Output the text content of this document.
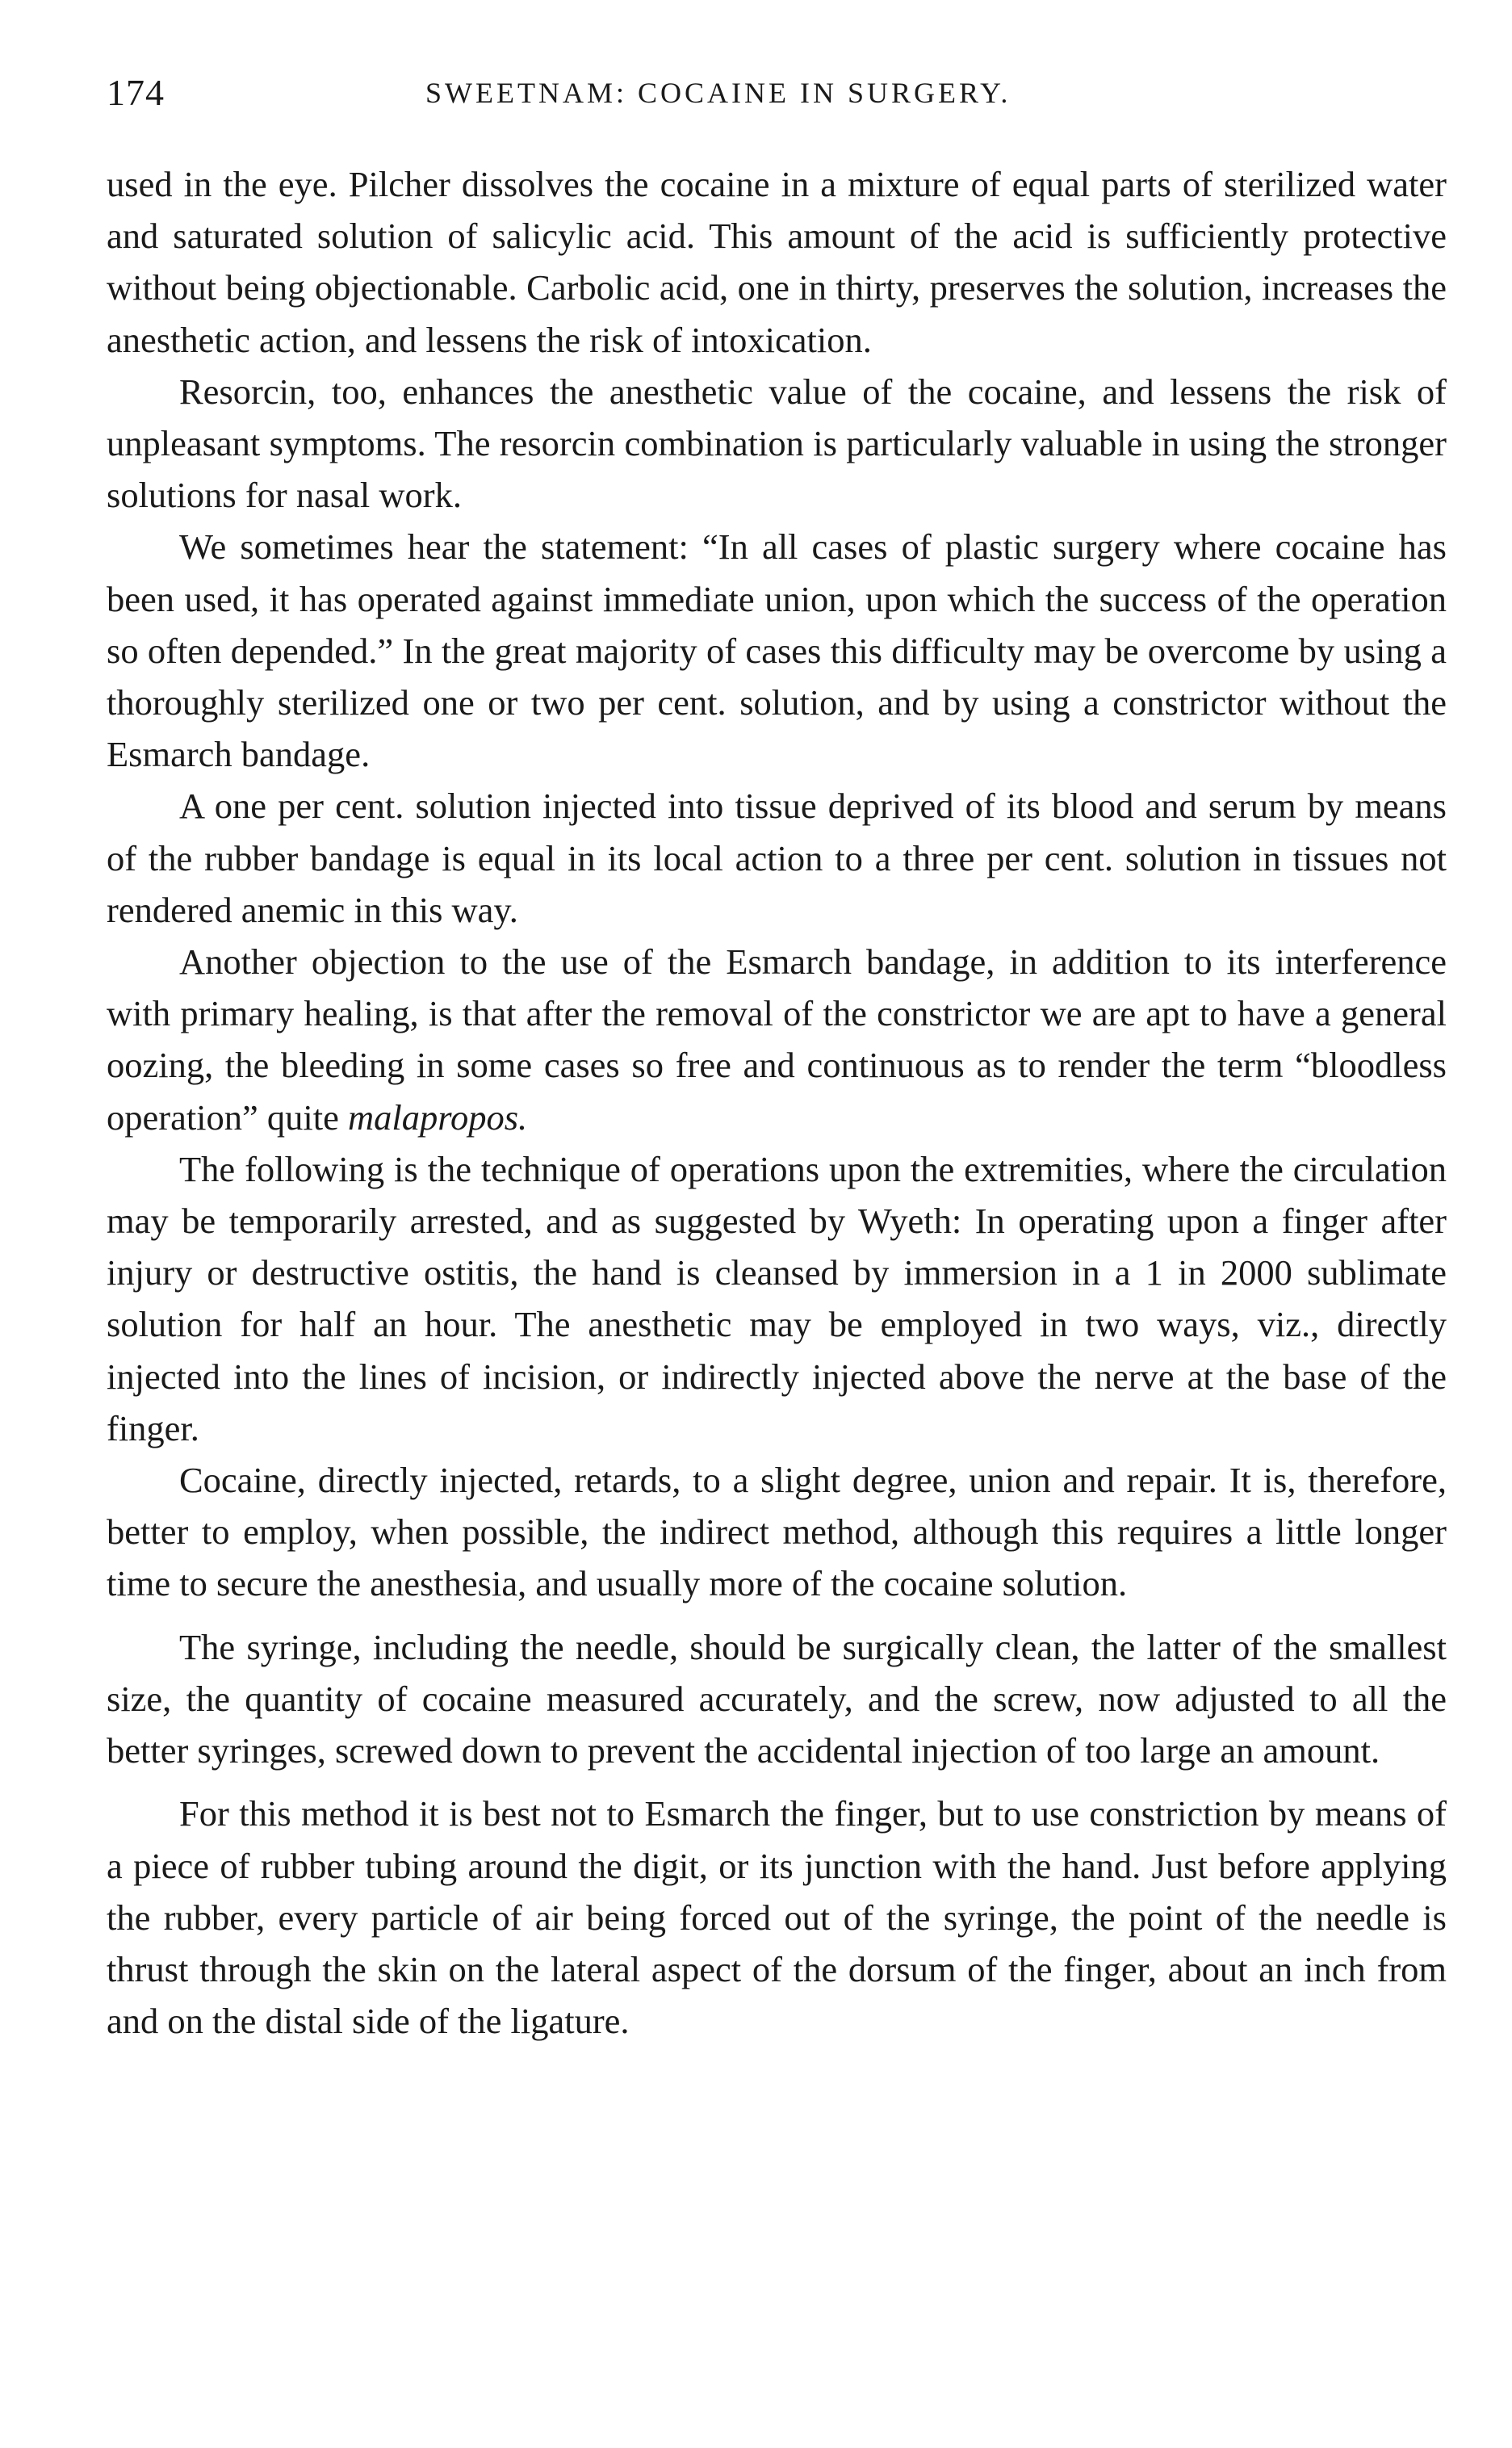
174	SWEETNAM: COCAINE IN SURGERY.

used in the eye. Pilcher dissolves the cocaine in a mixture of equal parts of sterilized water and saturated solution of salicylic acid. This amount of the acid is sufficiently protective without being objectionable. Carbolic acid, one in thirty, preserves the solution, increases the anesthetic action, and lessens the risk of intoxication.

Resorcin, too, enhances the anesthetic value of the cocaine, and lessens the risk of unpleasant symptoms. The resorcin combination is particularly valuable in using the stronger solutions for nasal work.

We sometimes hear the statement: “In all cases of plastic surgery where cocaine has been used, it has operated against immediate union, upon which the success of the operation so often depended.” In the great majority of cases this difficulty may be overcome by using a thoroughly sterilized one or two per cent. solution, and by using a constrictor without the Esmarch bandage.

A one per cent. solution injected into tissue deprived of its blood and serum by means of the rubber bandage is equal in its local action to a three per cent. solution in tissues not rendered anemic in this way.

Another objection to the use of the Esmarch bandage, in addition to its interference with primary healing, is that after the removal of the constrictor we are apt to have a general oozing, the bleeding in some cases so free and continuous as to render the term “bloodless operation” quite malapropos.

The following is the technique of operations upon the extremities, where the circulation may be temporarily arrested, and as suggested by Wyeth: In operating upon a finger after injury or destructive ostitis, the hand is cleansed by immersion in a 1 in 2000 sublimate solution for half an hour. The anesthetic may be employed in two ways, viz., directly injected into the lines of incision, or indirectly injected above the nerve at the base of the finger.

Cocaine, directly injected, retards, to a slight degree, union and repair. It is, therefore, better to employ, when possible, the indirect method, although this requires a little longer time to secure the anesthesia, and usually more of the cocaine solution.

The syringe, including the needle, should be surgically clean, the latter of the smallest size, the quantity of cocaine measured accurately, and the screw, now adjusted to all the better syringes, screwed down to prevent the accidental injection of too large an amount.

For this method it is best not to Esmarch the finger, but to use constriction by means of a piece of rubber tubing around the digit, or its junction with the hand. Just before applying the rubber, every particle of air being forced out of the syringe, the point of the needle is thrust through the skin on the lateral aspect of the dorsum of the finger, about an inch from and on the distal side of the ligature.
